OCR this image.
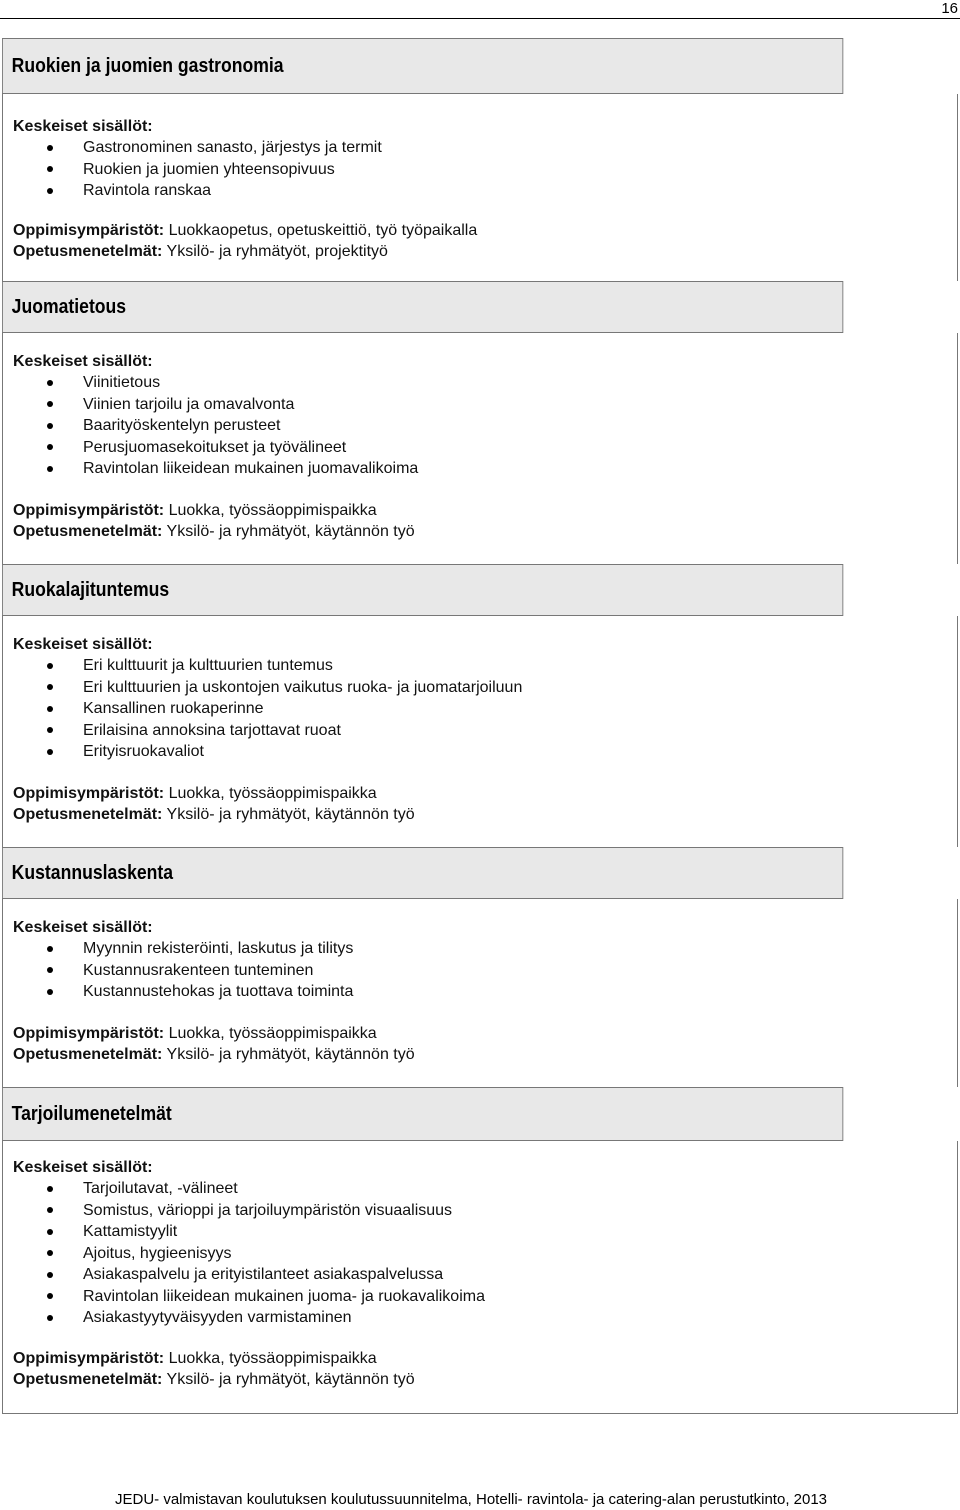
16
Ruokien ja juomien gastronomia
Keskeiset sisällöt:
Gastronominen sanasto, järjestys ja termit
Ruokien ja juomien yhteensopivuus
Ravintola ranskaa
Oppimisympäristöt: Luokkaopetus, opetuskeittiö, työ työpaikalla
Opetusmenetelmät: Yksilö- ja ryhmätyöt, projektityö
Juomatietous
Keskeiset sisällöt:
Viinitietous
Viinien tarjoilu ja omavalvonta
Baarityöskentelyn perusteet
Perusjuomasekoitukset ja työvälineet
Ravintolan liikeidean mukainen juomavalikoima
Oppimisympäristöt: Luokka, työssäoppimispaikka
Opetusmenetelmät: Yksilö- ja ryhmätyöt, käytännön työ
Ruokalajituntemus
Keskeiset sisällöt:
Eri kulttuurit ja kulttuurien tuntemus
Eri kulttuurien ja uskontojen vaikutus ruoka- ja juomatarjoiluun
Kansallinen ruokaperinne
Erilaisina annoksina tarjottavat ruoat
Erityisruokavaliot
Oppimisympäristöt: Luokka, työssäoppimispaikka
Opetusmenetelmät: Yksilö- ja ryhmätyöt, käytännön työ
Kustannuslaskenta
Keskeiset sisällöt:
Myynnin rekisteröinti, laskutus ja tilitys
Kustannusrakenteen tunteminen
Kustannustehokas ja tuottava toiminta
Oppimisympäristöt: Luokka, työssäoppimispaikka
Opetusmenetelmät: Yksilö- ja ryhmätyöt, käytännön työ
Tarjoilumenetelmät
Keskeiset sisällöt:
Tarjoilutavat, -välineet
Somistus, värioppi ja tarjoiluympäristön visuaalisuus
Kattamistyylit
Ajoitus, hygieenisyys
Asiakaspalvelu ja erityistilanteet asiakaspalvelussa
Ravintolan liikeidean mukainen juoma- ja ruokavalikoima
Asiakastyytyväisyyden varmistaminen
Oppimisympäristöt: Luokka, työssäoppimispaikka
Opetusmenetelmät: Yksilö- ja ryhmätyöt, käytännön työ
JEDU- valmistavan koulutuksen koulutussuunnitelma, Hotelli- ravintola- ja catering-alan perustutkinto, 2013
